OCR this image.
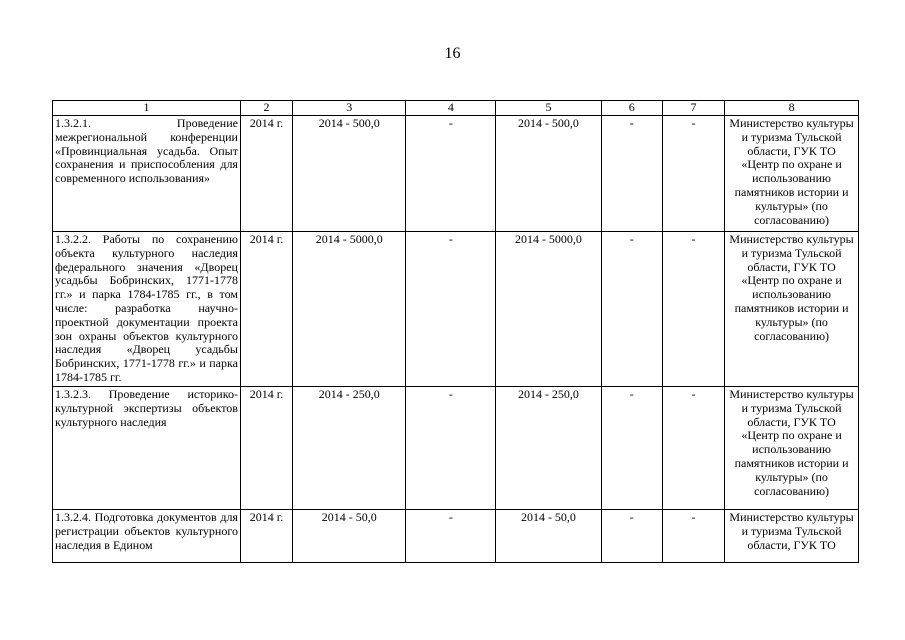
16
1	2	3	4	5	6	7	8
1.3.2.1. Проведение межрегиональной конференции «Провинциальная усадьба. Опыт сохранения и приспособления для современного использования»	2014 г.	2014 - 500,0	-	2014 - 500,0	-	-	Министерство культуры и туризма Тульской области, ГУК ТО «Центр по охране и использованию памятников истории и культуры» (по согласованию)
1.3.2.2. Работы по сохранению объекта культурного наследия федерального значения «Дворец усадьбы Бобринских, 1771-1778 гг.» и парка 1784-1785 гг., в том числе: разработка научно-проектной документации проекта зон охраны объектов культурного наследия «Дворец усадьбы Бобринских, 1771-1778 гг.» и парка 1784-1785 гг.	2014 г.	2014 - 5000,0	-	2014 - 5000,0	-	-	Министерство культуры и туризма Тульской области, ГУК ТО «Центр по охране и использованию памятников истории и культуры» (по согласованию)
1.3.2.3. Проведение историко-культурной экспертизы объектов культурного наследия	2014 г.	2014 - 250,0	-	2014 - 250,0	-	-	Министерство культуры и туризма Тульской области, ГУК ТО «Центр по охране и использованию памятников истории и культуры» (по согласованию)

1.3.2.4. Подготовка документов для регистрации объектов культурного наследия в Едином	2014 г.	2014 - 50,0	-	2014 - 50,0	-	-	Министерство культуры и туризма Тульской области, ГУК ТО
